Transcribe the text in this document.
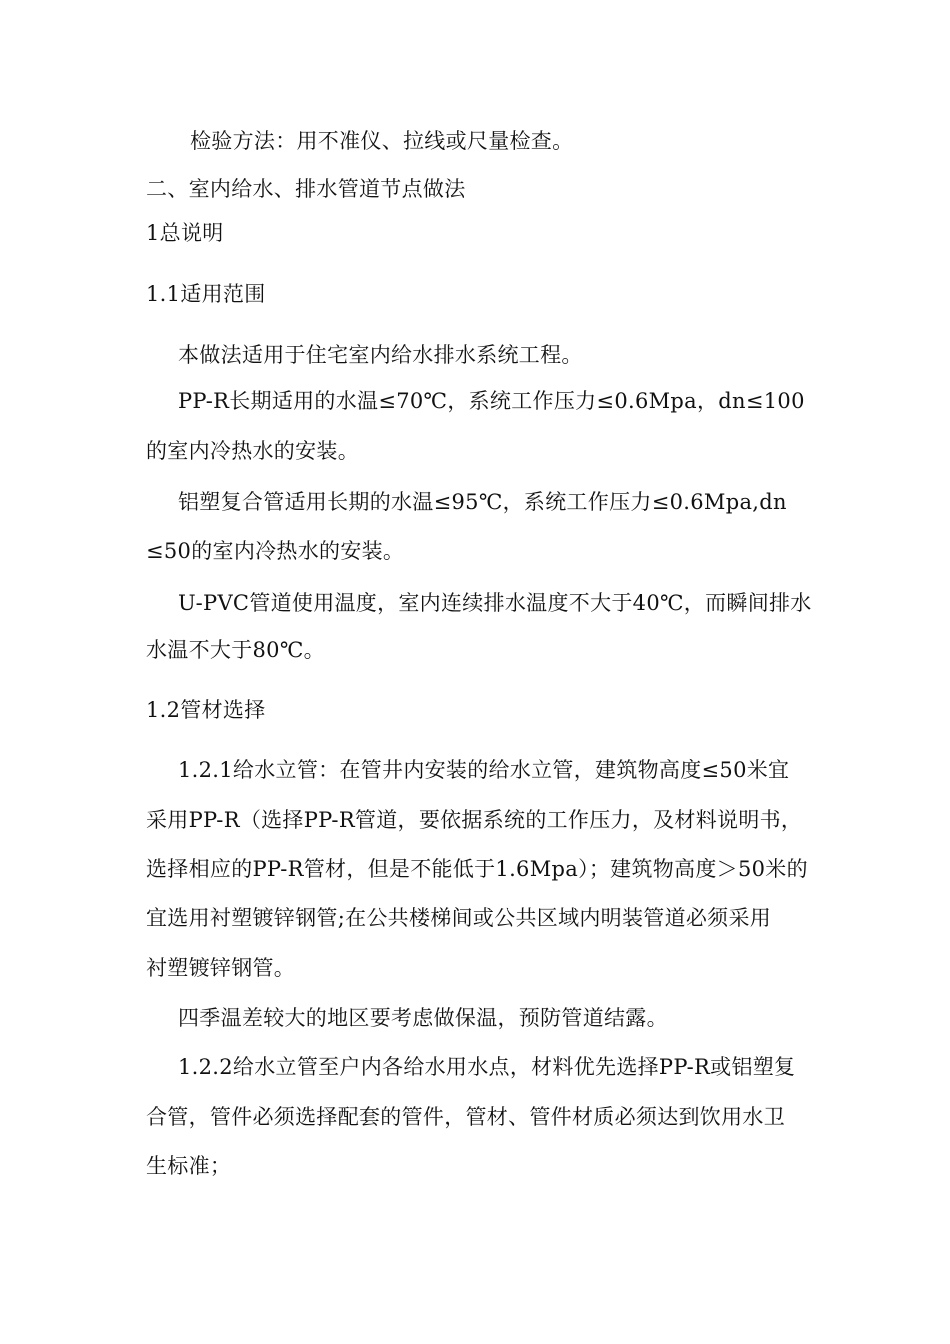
检验方法：用不准仪、拉线或尺量检查。
二、室内给水、排水管道节点做法
1总说明
1.1适用范围
本做法适用于住宅室内给水排水系统工程。
PP-R长期适用的水温≤70℃，系统工作压力≤0.6Mpa，dn≤100
的室内冷热水的安装。
铝塑复合管适用长期的水温≤95℃，系统工作压力≤0.6Mpa,dn
≤50的室内冷热水的安装。
U-PVC管道使用温度，室内连续排水温度不大于40℃，而瞬间排水
水温不大于80℃。
1.2管材选择
1.2.1给水立管：在管井内安装的给水立管，建筑物高度≤50米宜
采用PP-R（选择PP-R管道，要依据系统的工作压力，及材料说明书，
选择相应的PP-R管材，但是不能低于1.6Mpa）；建筑物高度＞50米的
宜选用衬塑镀锌钢管;在公共楼梯间或公共区域内明装管道必须采用
衬塑镀锌钢管。
四季温差较大的地区要考虑做保温，预防管道结露。
1.2.2给水立管至户内各给水用水点，材料优先选择PP-R或铝塑复
合管，管件必须选择配套的管件，管材、管件材质必须达到饮用水卫
生标准；
